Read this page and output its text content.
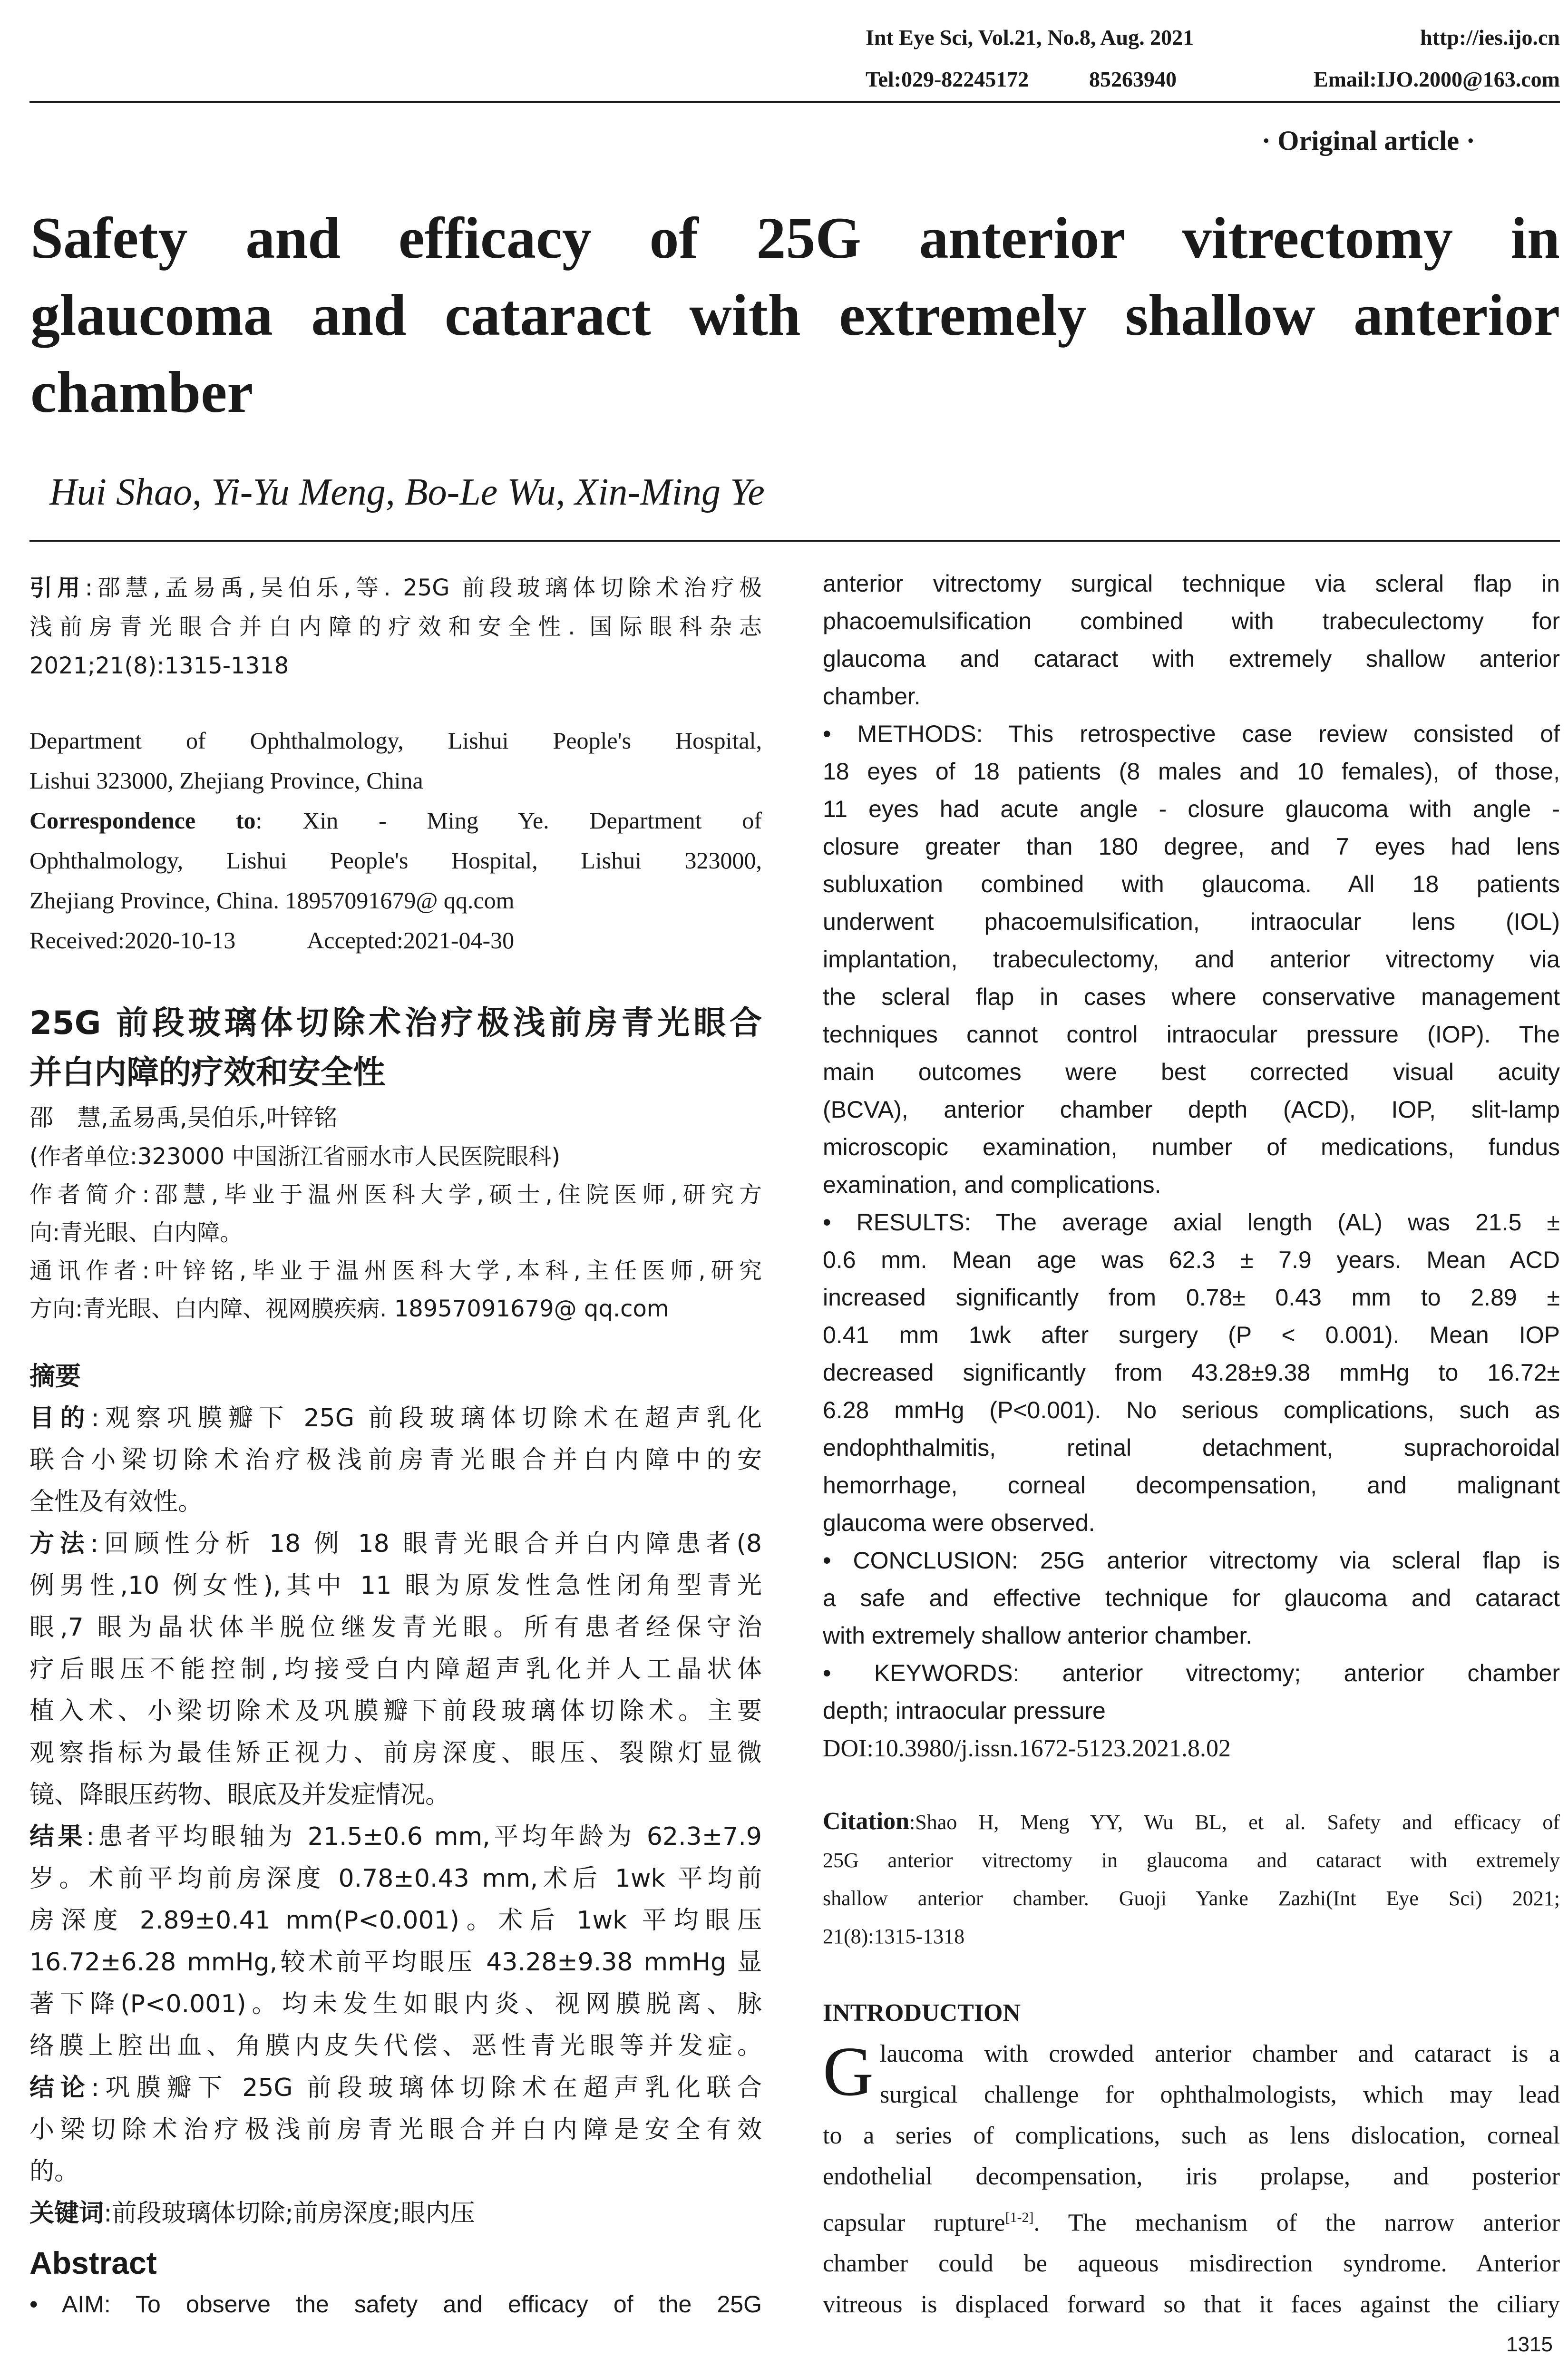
Int Eye Sci, Vol.21, No.8, Aug. 2021	http://ies.ijo.cn
Tel:029-82245172	85263940	Email:IJO.2000@163.com
· Original article ·
Safety and efficacy of 25G anterior vitrectomy in
glaucoma and cataract with extremely shallow anterior
chamber
Hui Shao, Yi-Yu Meng, Bo-Le Wu, Xin-Ming Ye
引用:邵慧,孟易禹,吴伯乐,等. 25G 前段玻璃体切除术治疗极
浅前房青光眼合并白内障的疗效和安全性. 国际眼科杂志
2021;21(8):1315-1318
Department of Ophthalmology, Lishui People's Hospital,
Lishui 323000, Zhejiang Province, China
Correspondence to: Xin - Ming Ye. Department of
Ophthalmology, Lishui People's Hospital, Lishui 323000,
Zhejiang Province, China. 18957091679@ qq.com
Received:2020-10-13	Accepted:2021-04-30
25G 前段玻璃体切除术治疗极浅前房青光眼合
并白内障的疗效和安全性
邵　慧,孟易禹,吴伯乐,叶锌铭
(作者单位:323000 中国浙江省丽水市人民医院眼科)
作者简介:邵慧,毕业于温州医科大学,硕士,住院医师,研究方
向:青光眼、白内障。
通讯作者:叶锌铭,毕业于温州医科大学,本科,主任医师,研究
方向:青光眼、白内障、视网膜疾病. 18957091679@ qq.com
摘要
目的:观察巩膜瓣下 25G 前段玻璃体切除术在超声乳化
联合小梁切除术治疗极浅前房青光眼合并白内障中的安
全性及有效性。
方法:回顾性分析 18 例 18 眼青光眼合并白内障患者(8
例男性,10 例女性),其中 11 眼为原发性急性闭角型青光
眼,7 眼为晶状体半脱位继发青光眼。所有患者经保守治
疗后眼压不能控制,均接受白内障超声乳化并人工晶状体
植入术、小梁切除术及巩膜瓣下前段玻璃体切除术。主要
观察指标为最佳矫正视力、前房深度、眼压、裂隙灯显微
镜、降眼压药物、眼底及并发症情况。
结果:患者平均眼轴为 21.5±0.6 mm,平均年龄为 62.3±7.9
岁。术前平均前房深度 0.78±0.43 mm,术后 1wk 平均前
房深度 2.89±0.41 mm(P<0.001)。术后 1wk 平均眼压
16.72±6.28 mmHg,较术前平均眼压 43.28±9.38 mmHg 显
著下降(P<0.001)。均未发生如眼内炎、视网膜脱离、脉
络膜上腔出血、角膜内皮失代偿、恶性青光眼等并发症。
结论:巩膜瓣下 25G 前段玻璃体切除术在超声乳化联合
小梁切除术治疗极浅前房青光眼合并白内障是安全有效
的。
关键词:前段玻璃体切除;前房深度;眼内压
Abstract
• AIM: To observe the safety and efficacy of the 25G
anterior vitrectomy surgical technique via scleral flap in
phacoemulsification combined with trabeculectomy for
glaucoma and cataract with extremely shallow anterior
chamber.
• METHODS: This retrospective case review consisted of
18 eyes of 18 patients (8 males and 10 females), of those,
11 eyes had acute angle - closure glaucoma with angle -
closure greater than 180 degree, and 7 eyes had lens
subluxation combined with glaucoma. All 18 patients
underwent phacoemulsification, intraocular lens (IOL)
implantation, trabeculectomy, and anterior vitrectomy via
the scleral flap in cases where conservative management
techniques cannot control intraocular pressure (IOP). The
main outcomes were best corrected visual acuity
(BCVA), anterior chamber depth (ACD), IOP, slit-lamp
microscopic examination, number of medications, fundus
examination, and complications.
• RESULTS: The average axial length (AL) was 21.5 ±
0.6 mm. Mean age was 62.3 ± 7.9 years. Mean ACD
increased significantly from 0.78± 0.43 mm to 2.89 ±
0.41 mm 1wk after surgery (P < 0.001). Mean IOP
decreased significantly from 43.28±9.38 mmHg to 16.72±
6.28 mmHg (P<0.001). No serious complications, such as
endophthalmitis, retinal detachment, suprachoroidal
hemorrhage, corneal decompensation, and malignant
glaucoma were observed.
• CONCLUSION: 25G anterior vitrectomy via scleral flap is
a safe and effective technique for glaucoma and cataract
with extremely shallow anterior chamber.
• KEYWORDS: anterior vitrectomy; anterior chamber
depth; intraocular pressure
DOI:10.3980/j.issn.1672-5123.2021.8.02
Citation:Shao H, Meng YY, Wu BL, et al. Safety and efficacy of
25G anterior vitrectomy in glaucoma and cataract with extremely
shallow anterior chamber. Guoji Yanke Zazhi(Int Eye Sci) 2021;
21(8):1315-1318
INTRODUCTION
G laucoma with crowded anterior chamber and cataract is a
surgical challenge for ophthalmologists, which may lead
to a series of complications, such as lens dislocation, corneal
endothelial decompensation, iris prolapse, and posterior
capsular rupture[1-2]. The mechanism of the narrow anterior
chamber could be aqueous misdirection syndrome. Anterior
vitreous is displaced forward so that it faces against the ciliary
1315
